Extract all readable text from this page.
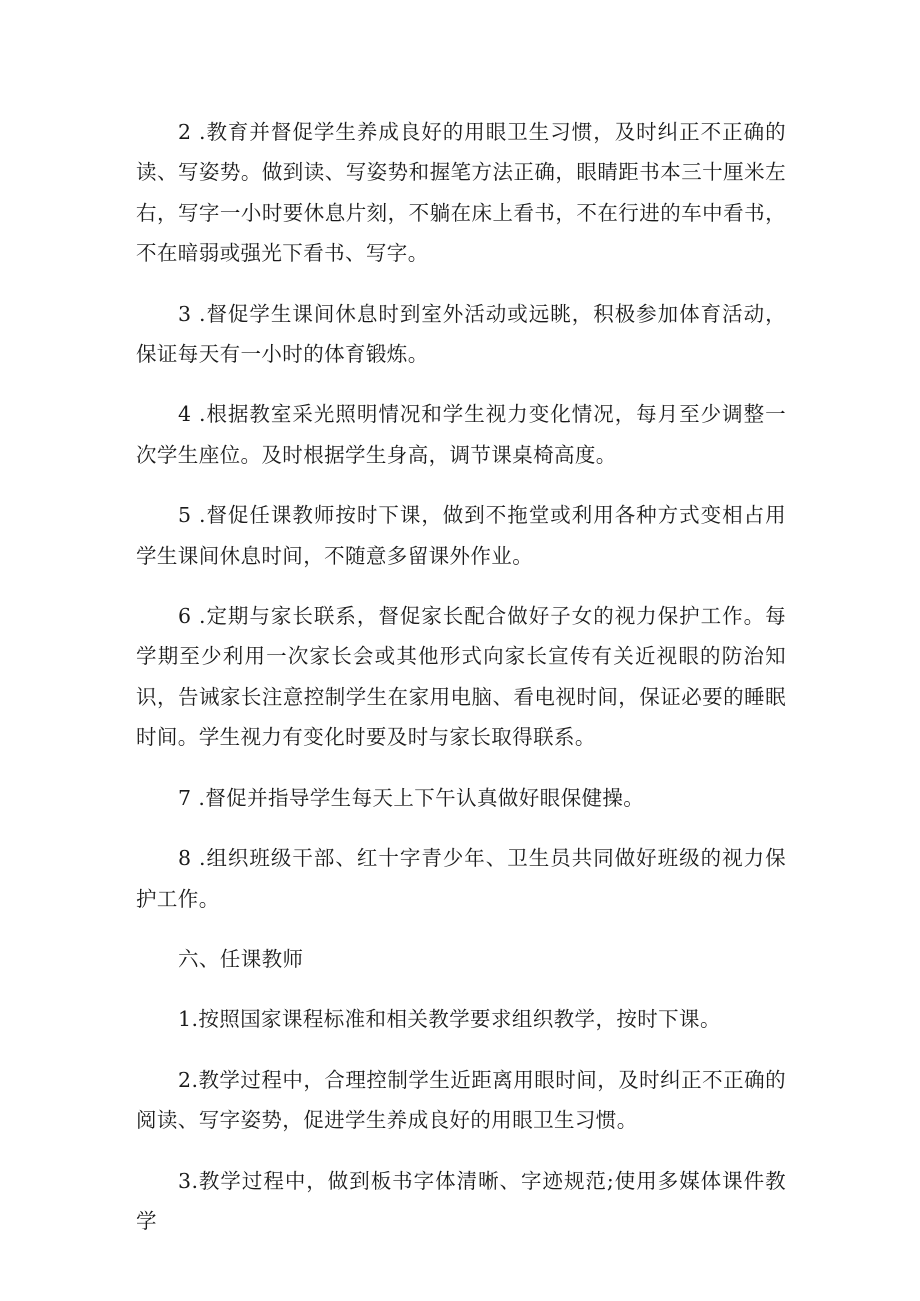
2 .教育并督促学生养成良好的用眼卫生习惯，及时纠正不正确的读、写姿势。做到读、写姿势和握笔方法正确，眼睛距书本三十厘米左右，写字一小时要休息片刻，不躺在床上看书，不在行进的车中看书，不在暗弱或强光下看书、写字。

3 .督促学生课间休息时到室外活动或远眺，积极参加体育活动，保证每天有一小时的体育锻炼。

4 .根据教室采光照明情况和学生视力变化情况，每月至少调整一次学生座位。及时根据学生身高，调节课桌椅高度。

5 .督促任课教师按时下课，做到不拖堂或利用各种方式变相占用学生课间休息时间，不随意多留课外作业。

6 .定期与家长联系，督促家长配合做好子女的视力保护工作。每学期至少利用一次家长会或其他形式向家长宣传有关近视眼的防治知识，告诫家长注意控制学生在家用电脑、看电视时间，保证必要的睡眠时间。学生视力有变化时要及时与家长取得联系。

7 .督促并指导学生每天上下午认真做好眼保健操。

8 .组织班级干部、红十字青少年、卫生员共同做好班级的视力保护工作。

六、任课教师

1.按照国家课程标准和相关教学要求组织教学，按时下课。

2.教学过程中，合理控制学生近距离用眼时间，及时纠正不正确的阅读、写字姿势，促进学生养成良好的用眼卫生习惯。

3.教学过程中，做到板书字体清晰、字迹规范;使用多媒体课件教学
